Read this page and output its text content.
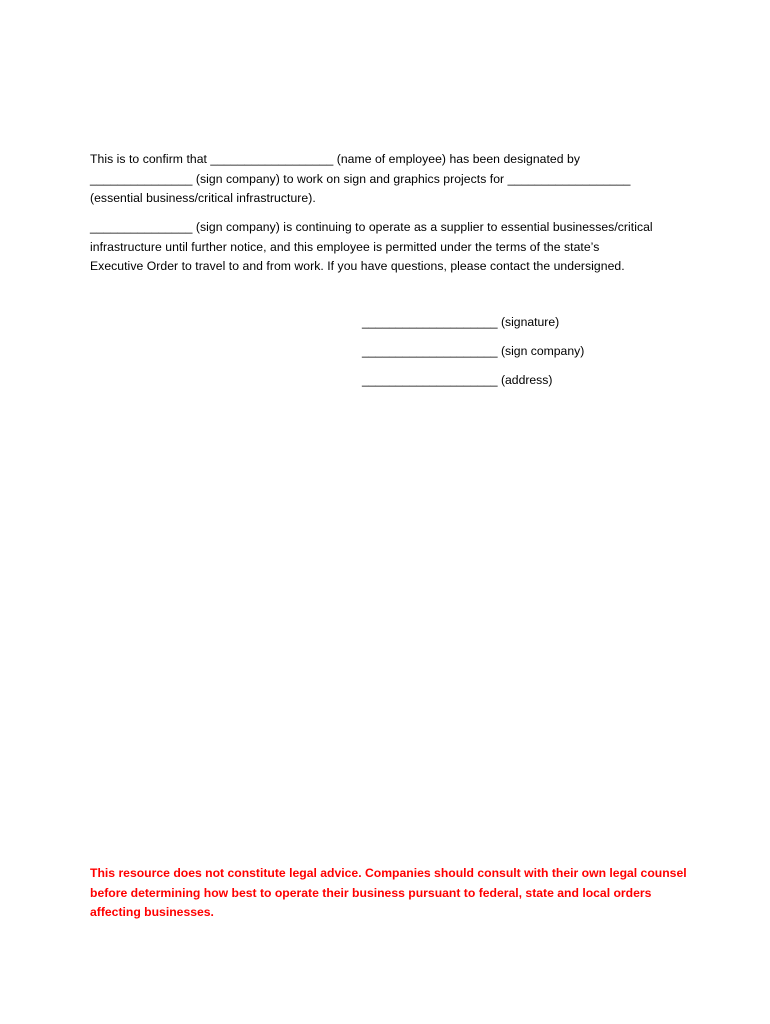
This is to confirm that __________________ (name of employee) has been designated by
_______________ (sign company) to work on sign and graphics projects for __________________
(essential business/critical infrastructure).
_______________ (sign company) is continuing to operate as a supplier to essential businesses/critical
infrastructure until further notice, and this employee is permitted under the terms of the state’s
Executive Order to travel to and from work. If you have questions, please contact the undersigned.
____________________ (signature)
____________________ (sign company)
____________________ (address)
This resource does not constitute legal advice. Companies should consult with their own legal counsel
before determining how best to operate their business pursuant to federal, state and local orders
affecting businesses.
